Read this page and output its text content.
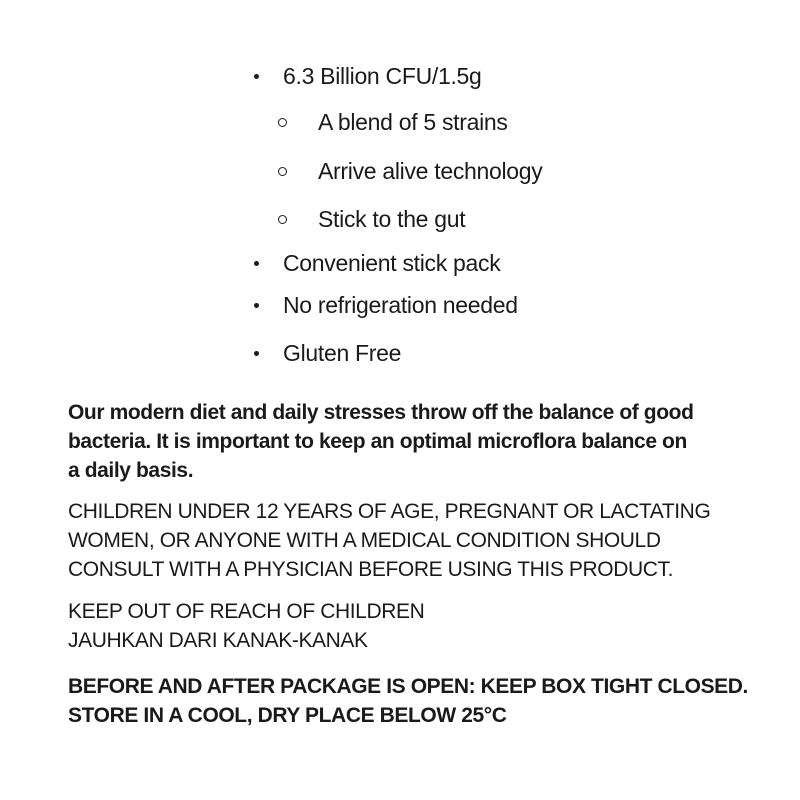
6.3 Billion CFU/1.5g
A blend of 5 strains
Arrive alive technology
Stick to the gut
Convenient stick pack
No refrigeration needed
Gluten Free
Our modern diet and daily stresses throw off the balance of good
bacteria. It is important to keep an optimal microflora balance on
a daily basis.
CHILDREN UNDER 12 YEARS OF AGE, PREGNANT OR LACTATING
WOMEN, OR ANYONE WITH A MEDICAL CONDITION SHOULD
CONSULT WITH A PHYSICIAN BEFORE USING THIS PRODUCT.
KEEP OUT OF REACH OF CHILDREN
JAUHKAN DARI KANAK-KANAK
BEFORE AND AFTER PACKAGE IS OPEN: KEEP BOX TIGHT CLOSED.
STORE IN A COOL, DRY PLACE BELOW 25°C
